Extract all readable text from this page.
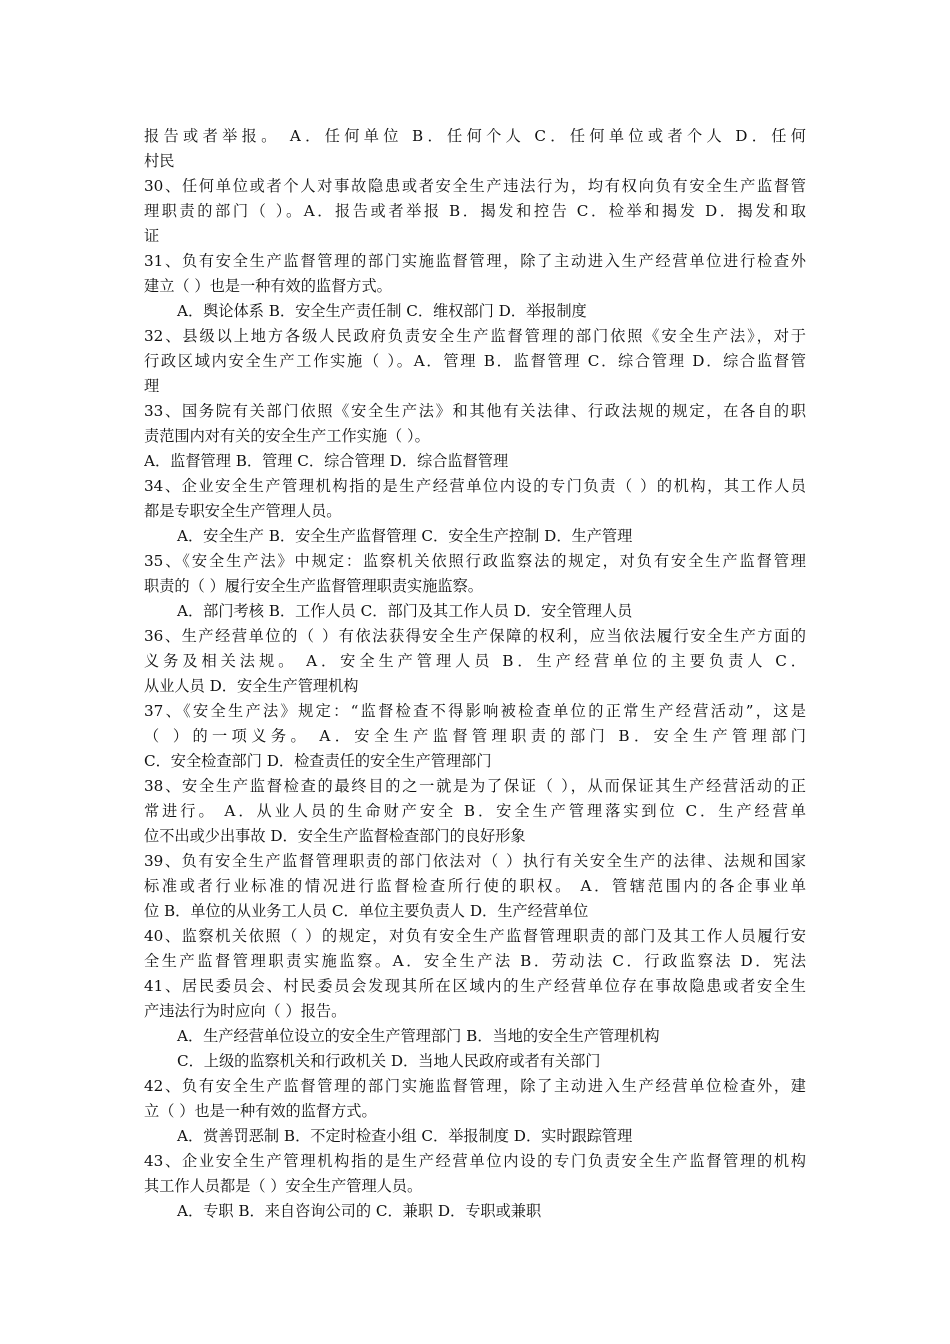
报告或者举报。 A．任何单位 B．任何个人 C．任何单位或者个人 D．任何
村民
30、任何单位或者个人对事故隐患或者安全生产违法行为，均有权向负有安全生产监督管
理职责的部门（ ）。A．报告或者举报 B．揭发和控告 C．检举和揭发 D．揭发和取
证
31、负有安全生产监督管理的部门实施监督管理，除了主动进入生产经营单位进行检查外
建立（ ）也是一种有效的监督方式。
A．舆论体系 B．安全生产责任制 C．维权部门 D．举报制度
32、县级以上地方各级人民政府负责安全生产监督管理的部门依照《安全生产法》，对于
行政区域内安全生产工作实施（ ）。A．管理 B．监督管理 C．综合管理 D．综合监督管
理
33、国务院有关部门依照《安全生产法》和其他有关法律、行政法规的规定，在各自的职
责范围内对有关的安全生产工作实施（ ）。
A．监督管理 B．管理 C．综合管理 D．综合监督管理
34、企业安全生产管理机构指的是生产经营单位内设的专门负责（ ）的机构，其工作人员
都是专职安全生产管理人员。
A．安全生产 B．安全生产监督管理 C．安全生产控制 D．生产管理
35、《安全生产法》中规定：监察机关依照行政监察法的规定，对负有安全生产监督管理
职责的（ ）履行安全生产监督管理职责实施监察。
A．部门考核 B．工作人员 C．部门及其工作人员 D．安全管理人员
36、生产经营单位的（ ）有依法获得安全生产保障的权利，应当依法履行安全生产方面的
义务及相关法规。 A．安全生产管理人员 B．生产经营单位的主要负责人 C．
从业人员 D．安全生产管理机构
37、《安全生产法》规定：“监督检查不得影响被检查单位的正常生产经营活动”，这是
（ ）的一项义务。 A．安全生产监督管理职责的部门 B．安全生产管理部门
C．安全检查部门 D．检查责任的安全生产管理部门
38、安全生产监督检查的最终目的之一就是为了保证（ ），从而保证其生产经营活动的正
常进行。 A．从业人员的生命财产安全 B．安全生产管理落实到位 C．生产经营单
位不出或少出事故 D．安全生产监督检查部门的良好形象
39、负有安全生产监督管理职责的部门依法对（ ）执行有关安全生产的法律、法规和国家
标准或者行业标准的情况进行监督检查所行使的职权。 A．管辖范围内的各企事业单
位 B．单位的从业务工人员 C．单位主要负责人 D．生产经营单位
40、监察机关依照（ ）的规定，对负有安全生产监督管理职责的部门及其工作人员履行安
全生产监督管理职责实施监察。A．安全生产法 B．劳动法 C．行政监察法 D．宪法
41、居民委员会、村民委员会发现其所在区域内的生产经营单位存在事故隐患或者安全生
产违法行为时应向（ ）报告。
A．生产经营单位设立的安全生产管理部门 B．当地的安全生产管理机构
C．上级的监察机关和行政机关 D．当地人民政府或者有关部门
42、负有安全生产监督管理的部门实施监督管理，除了主动进入生产经营单位检查外，建
立（ ）也是一种有效的监督方式。
A．赏善罚恶制 B．不定时检查小组 C．举报制度 D．实时跟踪管理
43、企业安全生产管理机构指的是生产经营单位内设的专门负责安全生产监督管理的机构
其工作人员都是（ ）安全生产管理人员。
A．专职 B．来自咨询公司的 C．兼职 D．专职或兼职
